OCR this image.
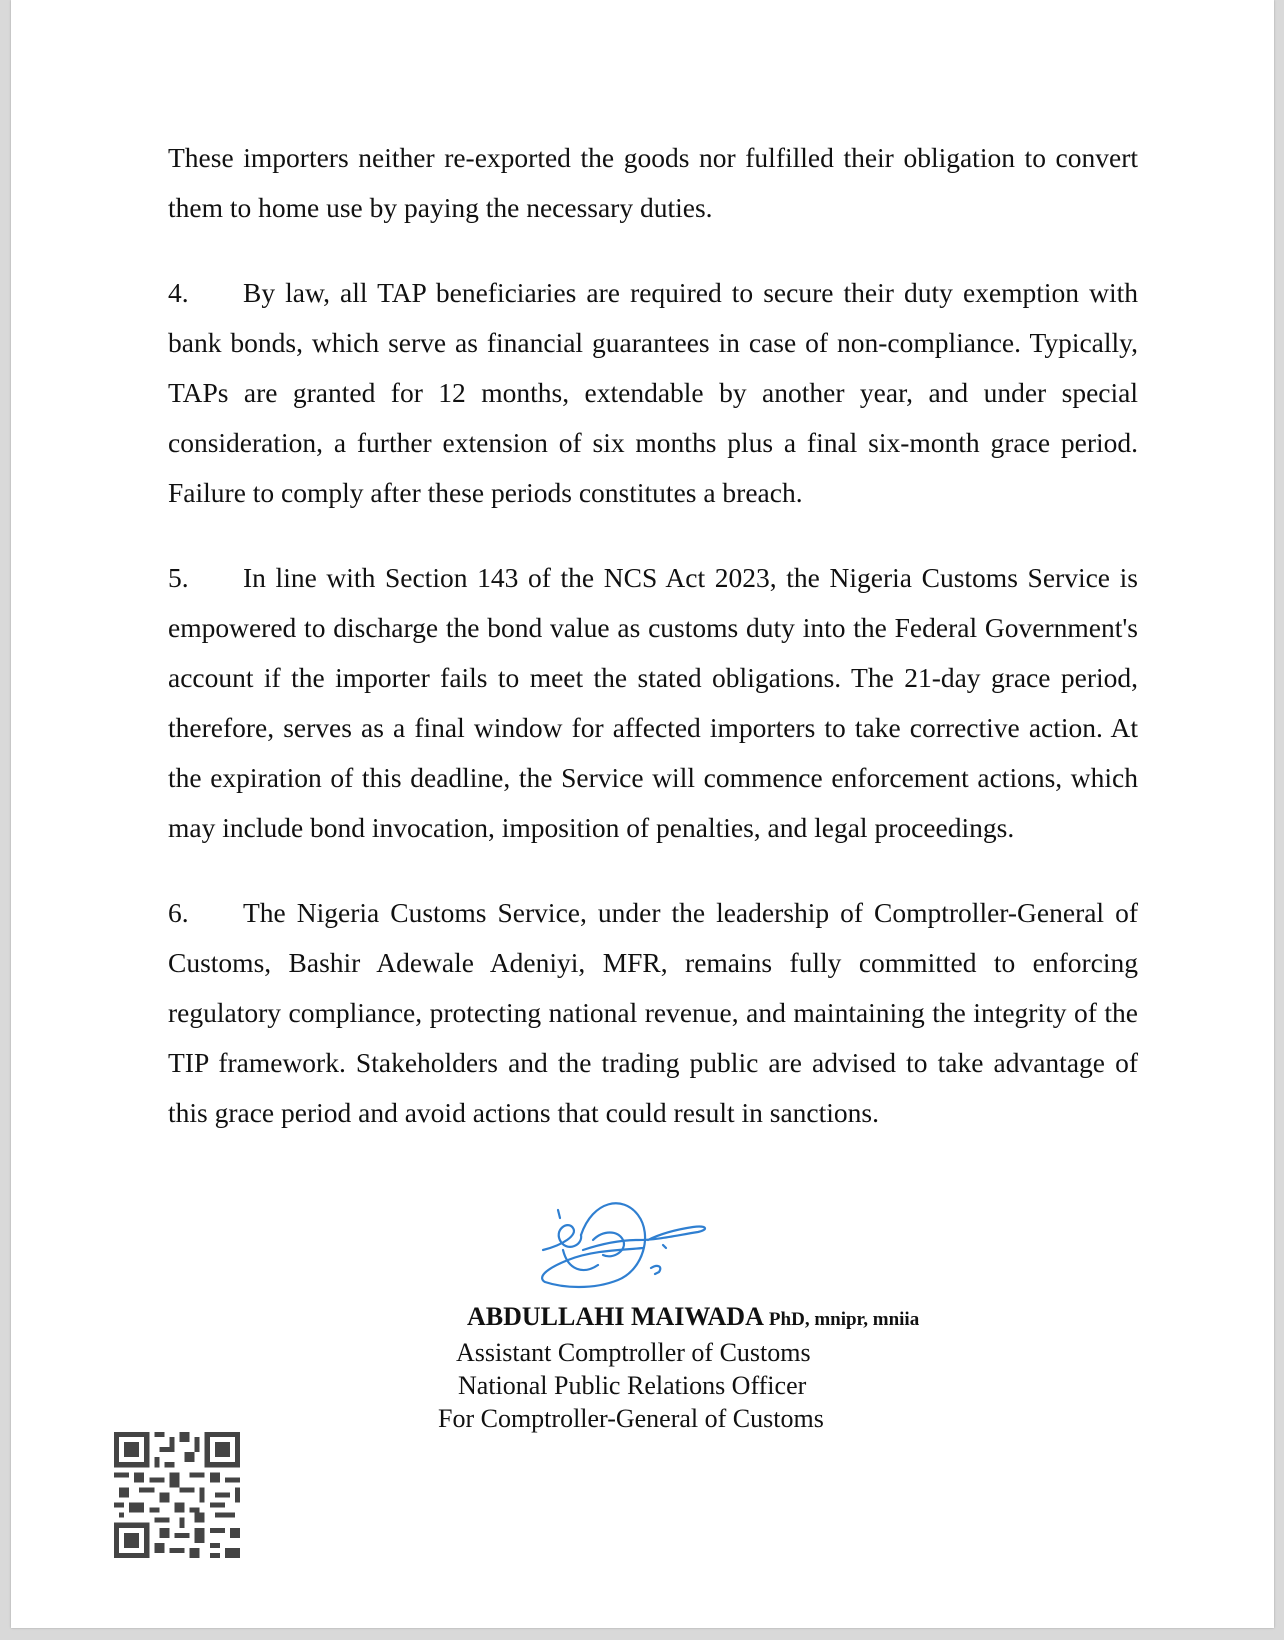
These importers neither re-exported the goods nor fulfilled their obligation to convert them to home use by paying the necessary duties.

4. By law, all TAP beneficiaries are required to secure their duty exemption with bank bonds, which serve as financial guarantees in case of non-compliance. Typically, TAPs are granted for 12 months, extendable by another year, and under special consideration, a further extension of six months plus a final six-month grace period. Failure to comply after these periods constitutes a breach.

5. In line with Section 143 of the NCS Act 2023, the Nigeria Customs Service is empowered to discharge the bond value as customs duty into the Federal Government's account if the importer fails to meet the stated obligations. The 21-day grace period, therefore, serves as a final window for affected importers to take corrective action. At the expiration of this deadline, the Service will commence enforcement actions, which may include bond invocation, imposition of penalties, and legal proceedings.

6. The Nigeria Customs Service, under the leadership of Comptroller-General of Customs, Bashir Adewale Adeniyi, MFR, remains fully committed to enforcing regulatory compliance, protecting national revenue, and maintaining the integrity of the TIP framework. Stakeholders and the trading public are advised to take advantage of this grace period and avoid actions that could result in sanctions.

ABDULLAHI MAIWADA PhD, mnipr, mniia
Assistant Comptroller of Customs
National Public Relations Officer
For Comptroller-General of Customs
